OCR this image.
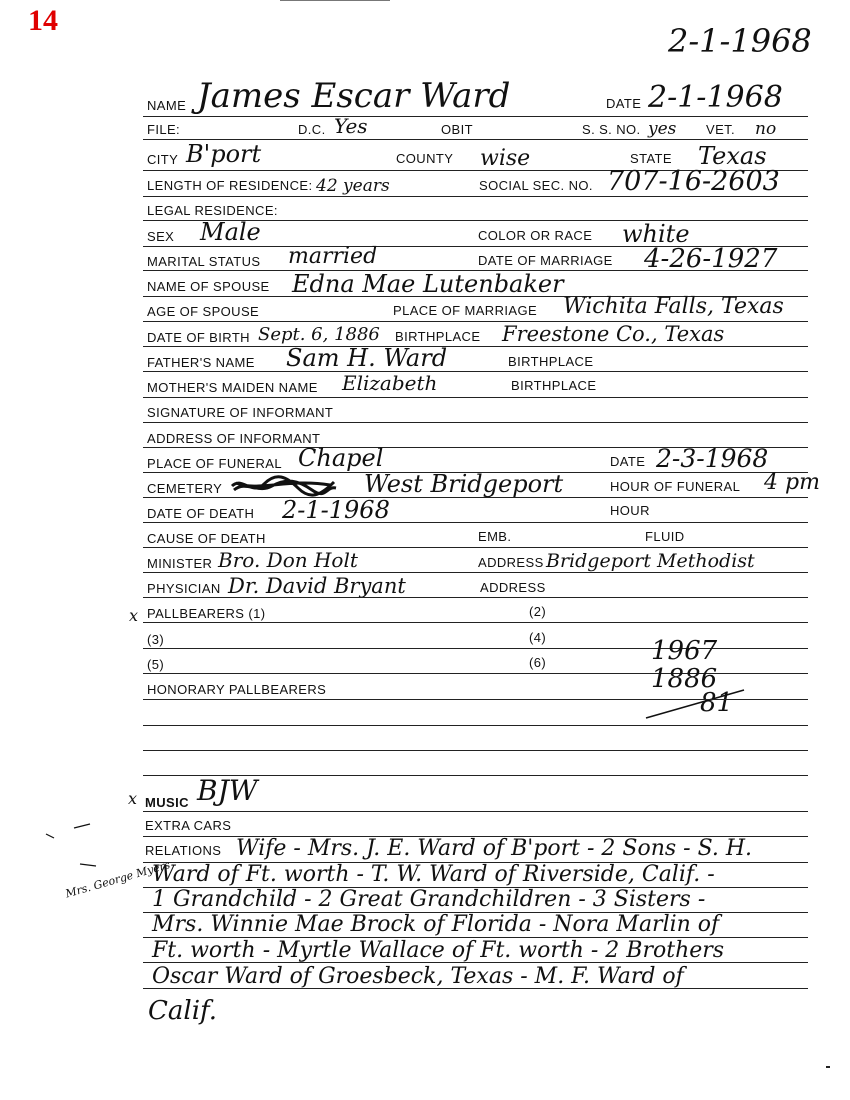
14
2-1-1968
NAME James Escar Ward	DATE 2-1-1968
FILE:	D.C. Yes	OBIT	S. S. NO. yes VET. no
CITY B'port	COUNTY wise	STATE Texas
LENGTH OF RESIDENCE: 42 years	SOCIAL SEC. NO. 707-16-2603
LEGAL RESIDENCE:
SEX Male	COLOR OR RACE white
MARITAL STATUS married	DATE OF MARRIAGE 4-26-1927
NAME OF SPOUSE Edna Mae Lutenbaker
AGE OF SPOUSE	PLACE OF MARRIAGE Wichita Falls, Texas
DATE OF BIRTH Sept. 6, 1886 BIRTHPLACE Freestone Co., Texas
FATHER'S NAME Sam H. Ward	BIRTHPLACE
MOTHER'S MAIDEN NAME Elizabeth	BIRTHPLACE
SIGNATURE OF INFORMANT
ADDRESS OF INFORMANT
PLACE OF FUNERAL Chapel	DATE 2-3-1968
CEMETERY	West Bridgeport	HOUR OF FUNERAL 4 pm
DATE OF DEATH 2-1-1968	HOUR
CAUSE OF DEATH	EMB.	FLUID
MINISTER Bro. Don Holt	ADDRESS Bridgeport Methodist
PHYSICIAN Dr. David Bryant	ADDRESS
x PALLBEARERS (1)	(2)
(3)	(4)
(5)	(6)	1967
1886
81
HONORARY PALLBEARERS
x MUSIC BJW
EXTRA CARS
Mrs. George Myers
RELATIONS Wife - Mrs. J. E. Ward of B'port - 2 Sons - S. H.
Ward of Ft. worth - T. W. Ward of Riverside, Calif. -
1 Grandchild - 2 Great Grandchildren - 3 Sisters -
Mrs. Winnie Mae Brock of Florida - Nora Marlin of
Ft. worth - Myrtle Wallace of Ft. worth - 2 Brothers
Oscar Ward of Groesbeck, Texas - M. F. Ward of
Calif.
